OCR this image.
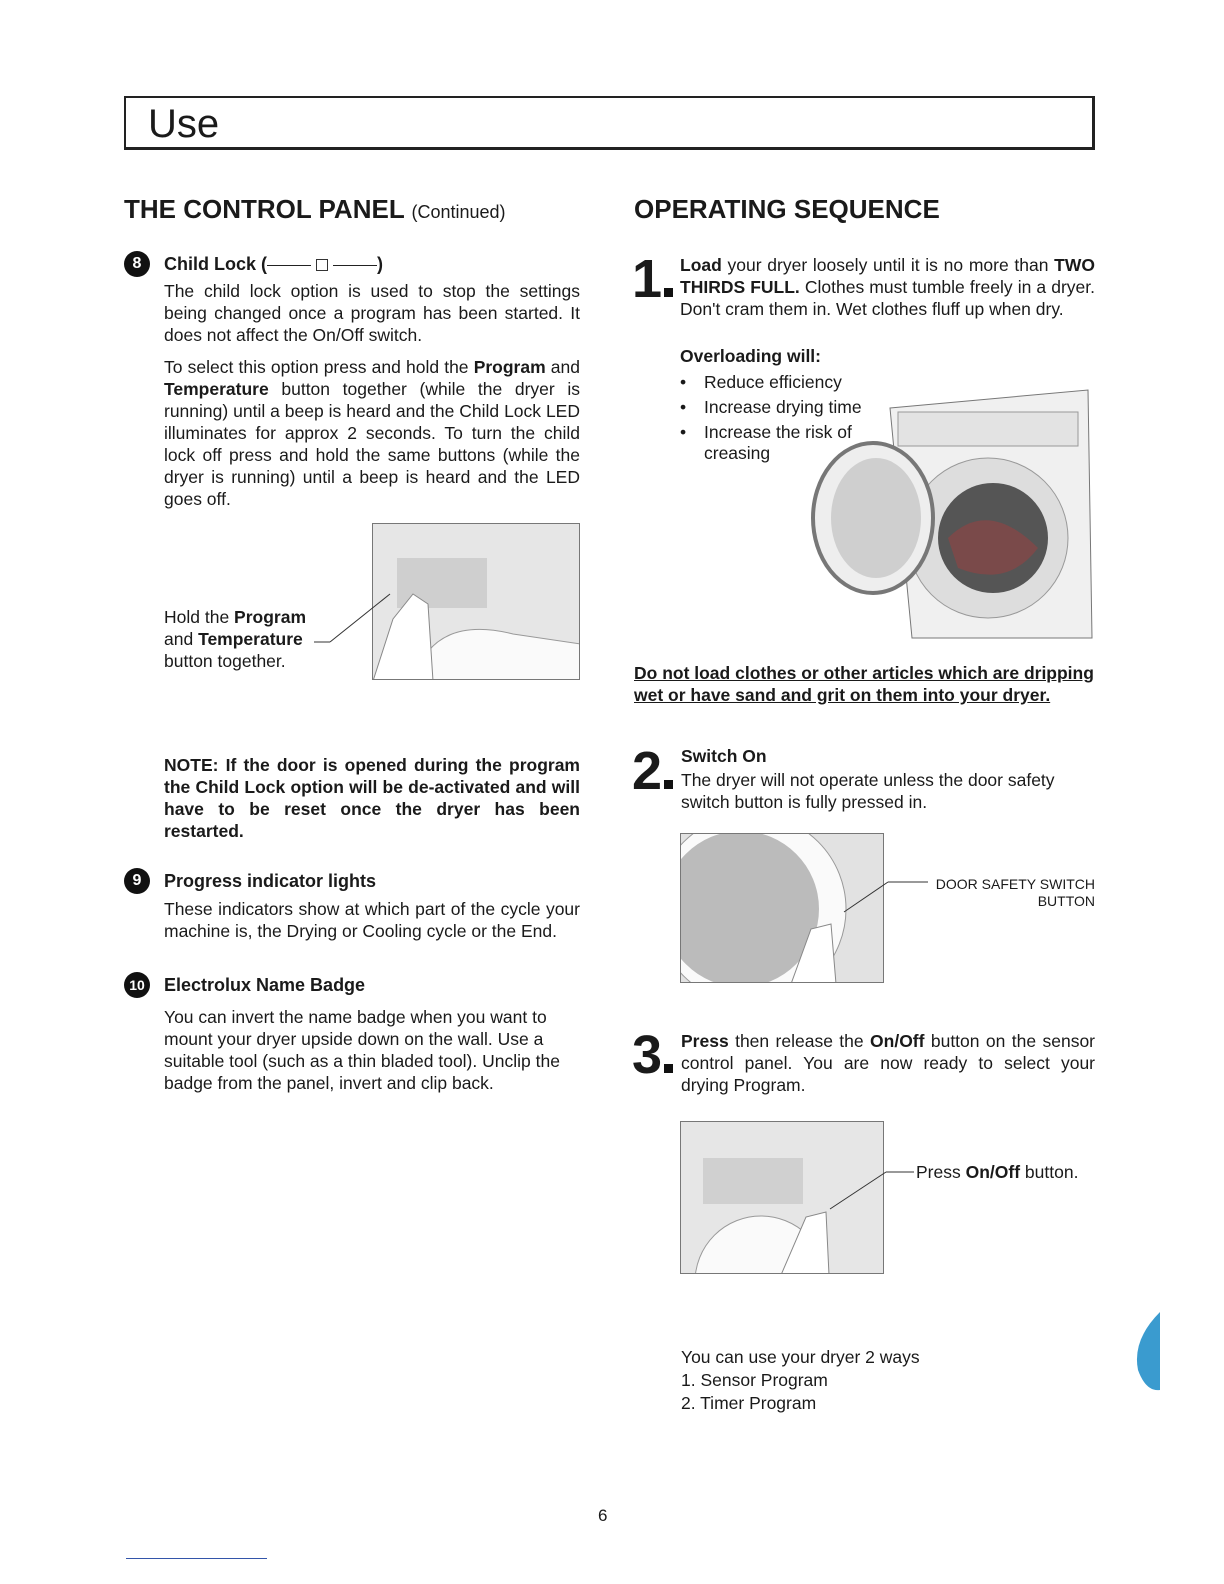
Use
THE CONTROL PANEL (Continued)
8	Child Lock (	)
The child lock option is used to stop the settings being changed once a program has been started. It does not affect the On/Off switch.
To select this option press and hold the Program and Temperature button together (while the dryer is running) until a beep is heard and the Child Lock LED illuminates for approx 2 seconds. To turn the child lock off press and hold the same buttons (while the dryer is running) until a beep is heard and the LED goes off.
Hold the Program
and Temperature
button together.
NOTE: If the door is opened during the program the Child Lock option will be de-activated and will have to be reset once the dryer has been restarted.
9	Progress indicator lights
These indicators show at which part of the cycle your machine is, the Drying or Cooling cycle or the End.
10 Electrolux Name Badge
You can invert the name badge when you want to mount your dryer upside down on the wall. Use a suitable tool (such as a thin bladed tool). Unclip the badge from the panel, invert and clip back.
OPERATING SEQUENCE
1	Load your dryer loosely until it is no more than TWO THIRDS FULL. Clothes must tumble freely in a dryer. Don't cram them in. Wet clothes fluff up when dry.
Overloading will:
• Reduce efficiency
• Increase drying time
• Increase the risk of creasing
Do not load clothes or other articles which are dripping wet or have sand and grit on them into your dryer.
2	Switch On
The dryer will not operate unless the door safety switch button is fully pressed in.
DOOR SAFETY SWITCH BUTTON
3	Press then release the On/Off button on the sensor control panel. You are now ready to select your drying Program.
Press On/Off button.
You can use your dryer 2 ways
1. Sensor Program
2. Timer Program
6
